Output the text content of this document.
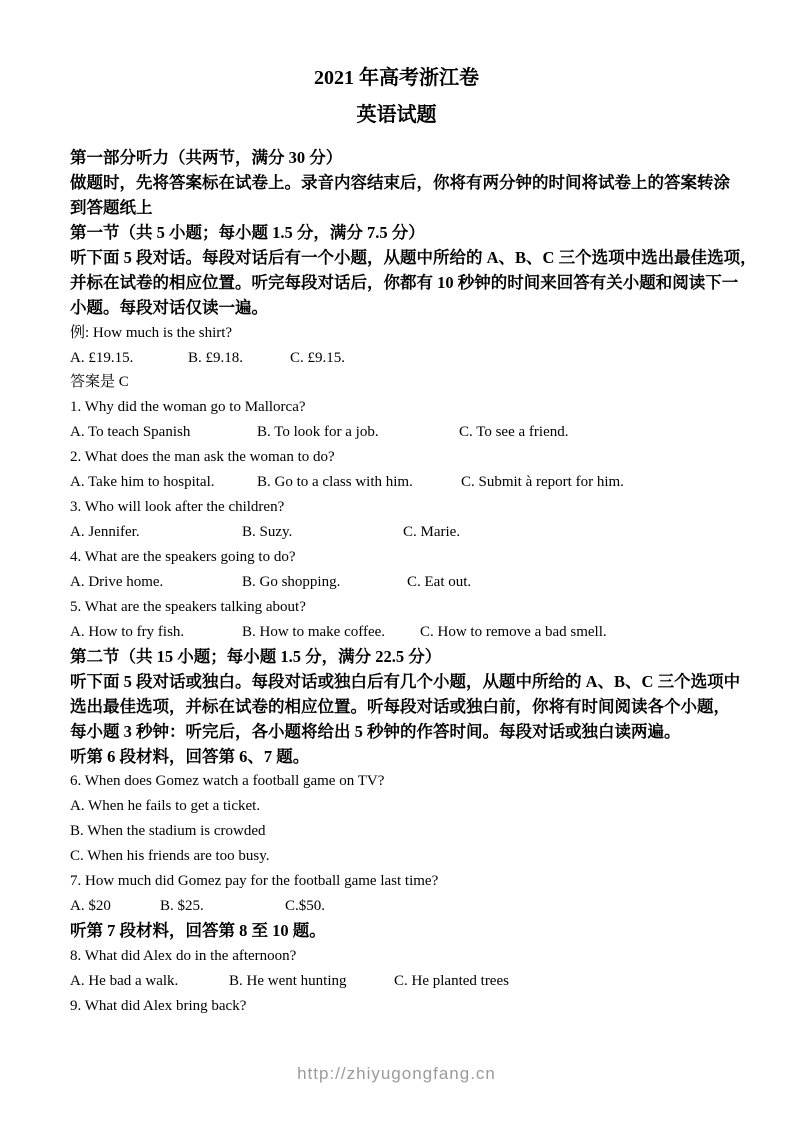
2021 年高考浙江卷
英语试题
第一部分听力（共两节，满分 30 分）
做题时，先将答案标在试卷上。录音内容结束后，你将有两分钟的时间将试卷上的答案转涂
到答题纸上
第一节（共 5 小题；每小题 1.5 分，满分 7.5 分）
听下面 5 段对话。每段对话后有一个小题，从题中所给的 A、B、C 三个选项中选出最佳选项，
并标在试卷的相应位置。听完每段对话后，你都有 10 秒钟的时间来回答有关小题和阅读下一
小题。每段对话仅读一遍。
例: How much is the shirt?
A. £19.15.	B. £9.18.	C. £9.15.
答案是 C
1. Why did the woman go to Mallorca?
A. To teach Spanish	B. To look for a job.	C. To see a friend.
2. What does the man ask the woman to do?
A. Take him to hospital.	B. Go to a class with him.	C. Submit à report for him.
3. Who will look after the children?
A. Jennifer.	B. Suzy.	C. Marie.
4. What are the speakers going to do?
A. Drive home.	B. Go shopping.	C. Eat out.
5. What are the speakers talking about?
A. How to fry fish.	B. How to make coffee. C. How to remove a bad smell.
第二节（共 15 小题；每小题 1.5 分，满分 22.5 分）
听下面 5 段对话或独白。每段对话或独白后有几个小题，从题中所给的 A、B、C 三个选项中
选出最佳选项，并标在试卷的相应位置。听每段对话或独白前，你将有时间阅读各个小题，
每小题 3 秒钟：听完后，各小题将给出 5 秒钟的作答时间。每段对话或独白读两遍。
听第 6 段材料，回答第 6、7 题。
6. When does Gomez watch a football game on TV?
A. When he fails to get a ticket.
B. When the stadium is crowded
C. When his friends are too busy.
7. How much did Gomez pay for the football game last time?
A. $20	B. $25.	C.$50.
听第 7 段材料，回答第 8 至 10 题。
8. What did Alex do in the afternoon?
A. He bad a walk.	B. He went hunting	C. He planted trees
9. What did Alex bring back?
http://zhiyugongfang.cn
